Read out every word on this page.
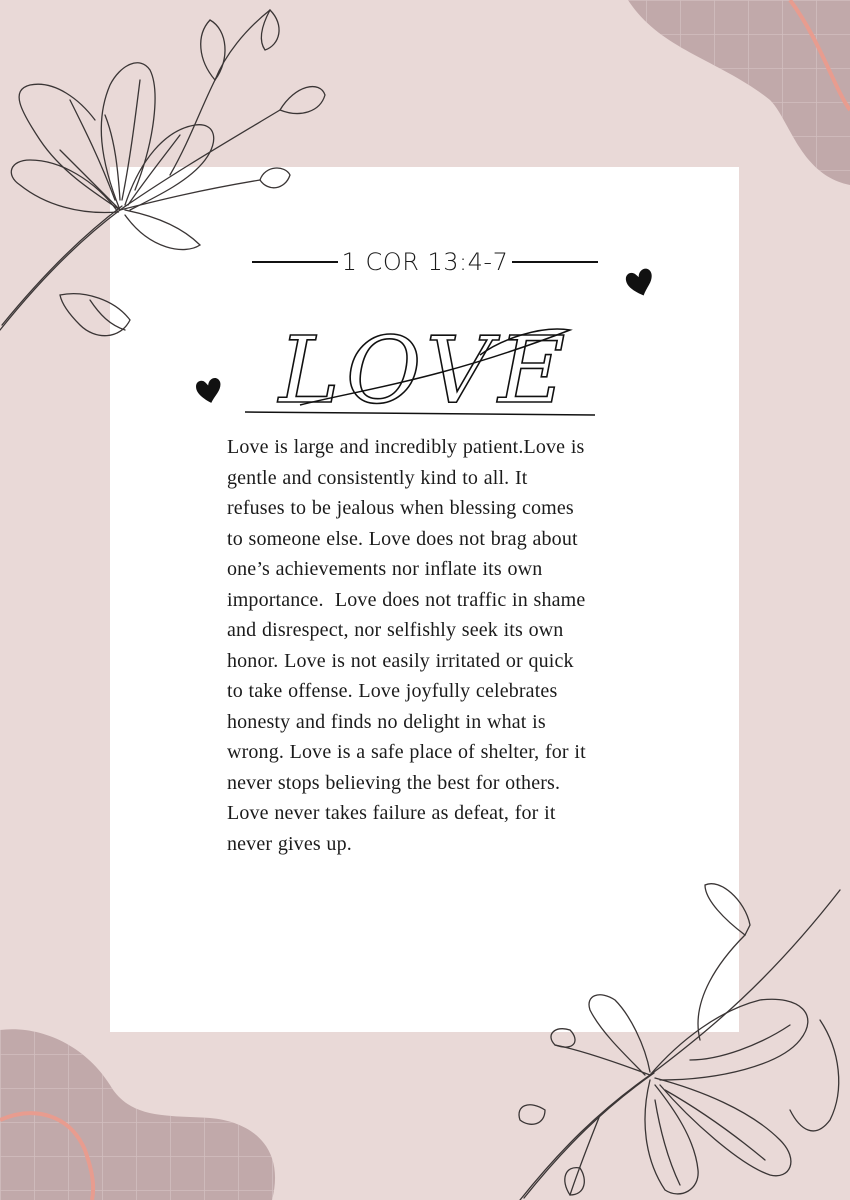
1 COR 13:4-7
LOVE
Love is large and incredibly patient.Love is
gentle and consistently kind to all. It
refuses to be jealous when blessing comes
to someone else. Love does not brag about
one’s achievements nor inflate its own
importance.  Love does not traffic in shame
and disrespect, nor selfishly seek its own
honor. Love is not easily irritated or quick
to take offense. Love joyfully celebrates
honesty and finds no delight in what is
wrong. Love is a safe place of shelter, for it
never stops believing the best for others.
Love never takes failure as defeat, for it
never gives up.
